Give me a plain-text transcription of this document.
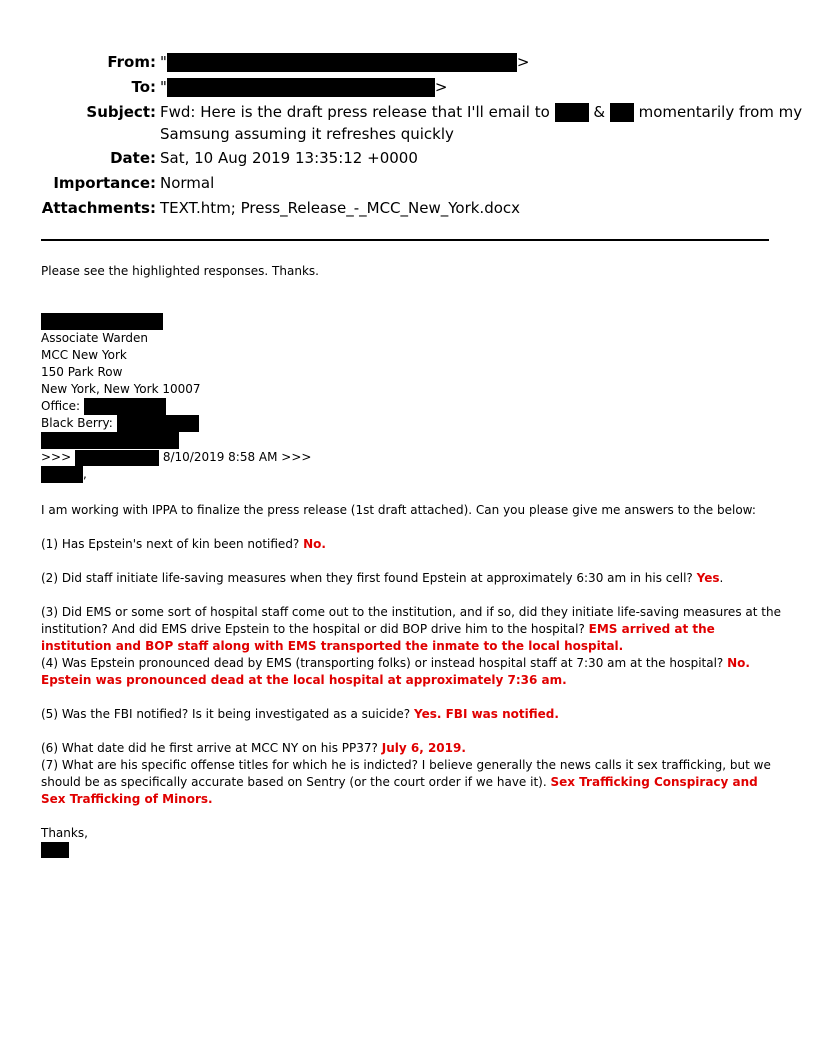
From: "	>
To: "	>
Subject: Fwd: Here is the draft press release that I'll email to	& momentarily from my
Samsung assuming it refreshes quickly
Date: Sat, 10 Aug 2019 13:35:12 +0000
Importance: Normal
Attachments: TEXT.htm; Press_Release_-_MCC_New_York.docx
Please see the highlighted responses. Thanks.
Associate Warden
MCC New York
150 Park Row
New York, New York 10007
Office:
Black Berry:
>>>	8/10/2019 8:58 AM >>>
,
I am working with IPPA to finalize the press release (1st draft attached). Can you please give me answers to the below:
(1) Has Epstein's next of kin been notified? No.
(2) Did staff initiate life-saving measures when they first found Epstein at approximately 6:30 am in his cell? Yes.
(3) Did EMS or some sort of hospital staff come out to the institution, and if so, did they initiate life-saving measures at the institution? And did EMS drive Epstein to the hospital or did BOP drive him to the hospital? EMS arrived at the institution and BOP staff along with EMS transported the inmate to the local hospital.
(4) Was Epstein pronounced dead by EMS (transporting folks) or instead hospital staff at 7:30 am at the hospital? No. Epstein was pronounced dead at the local hospital at approximately 7:36 am.
(5) Was the FBI notified? Is it being investigated as a suicide? Yes. FBI was notified.
(6) What date did he first arrive at MCC NY on his PP37? July 6, 2019.
(7) What are his specific offense titles for which he is indicted? I believe generally the news calls it sex trafficking, but we should be as specifically accurate based on Sentry (or the court order if we have it). Sex Trafficking Conspiracy and Sex Trafficking of Minors.
Thanks,
